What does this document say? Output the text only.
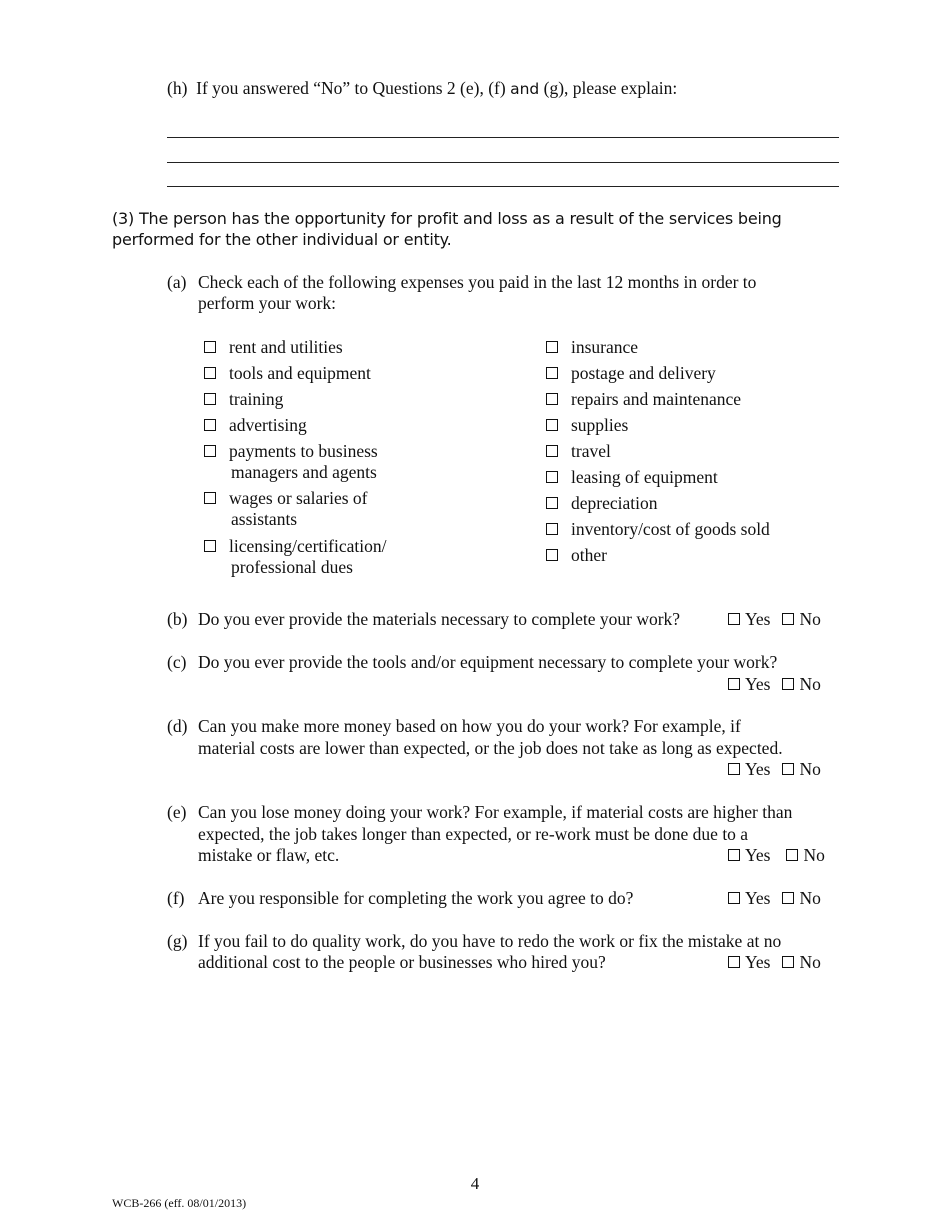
(h) If you answered “No” to Questions 2 (e), (f) and (g), please explain:
(3) The person has the opportunity for profit and loss as a result of the services being performed for the other individual or entity.
(a) Check each of the following expenses you paid in the last 12 months in order to perform your work:
rent and utilities
tools and equipment
training
advertising
payments to business
managers and agents
wages or salaries of
assistants
licensing/certification/
professional dues
insurance
postage and delivery
repairs and maintenance
supplies
travel
leasing of equipment
depreciation
inventory/cost of goods sold
other
(b) Do you ever provide the materials necessary to complete your work?	Yes No
(c) Do you ever provide the tools and/or equipment necessary to complete your work?
Yes No
(d) Can you make more money based on how you do your work? For example, if
material costs are lower than expected, or the job does not take as long as expected.
Yes No
(e) Can you lose money doing your work? For example, if material costs are higher than
expected, the job takes longer than expected, or re-work must be done due to a
mistake or flaw, etc.	Yes No
(f) Are you responsible for completing the work you agree to do?	Yes No
(g) If you fail to do quality work, do you have to redo the work or fix the mistake at no
additional cost to the people or businesses who hired you?	Yes No
4
WCB-266 (eff. 08/01/2013)
